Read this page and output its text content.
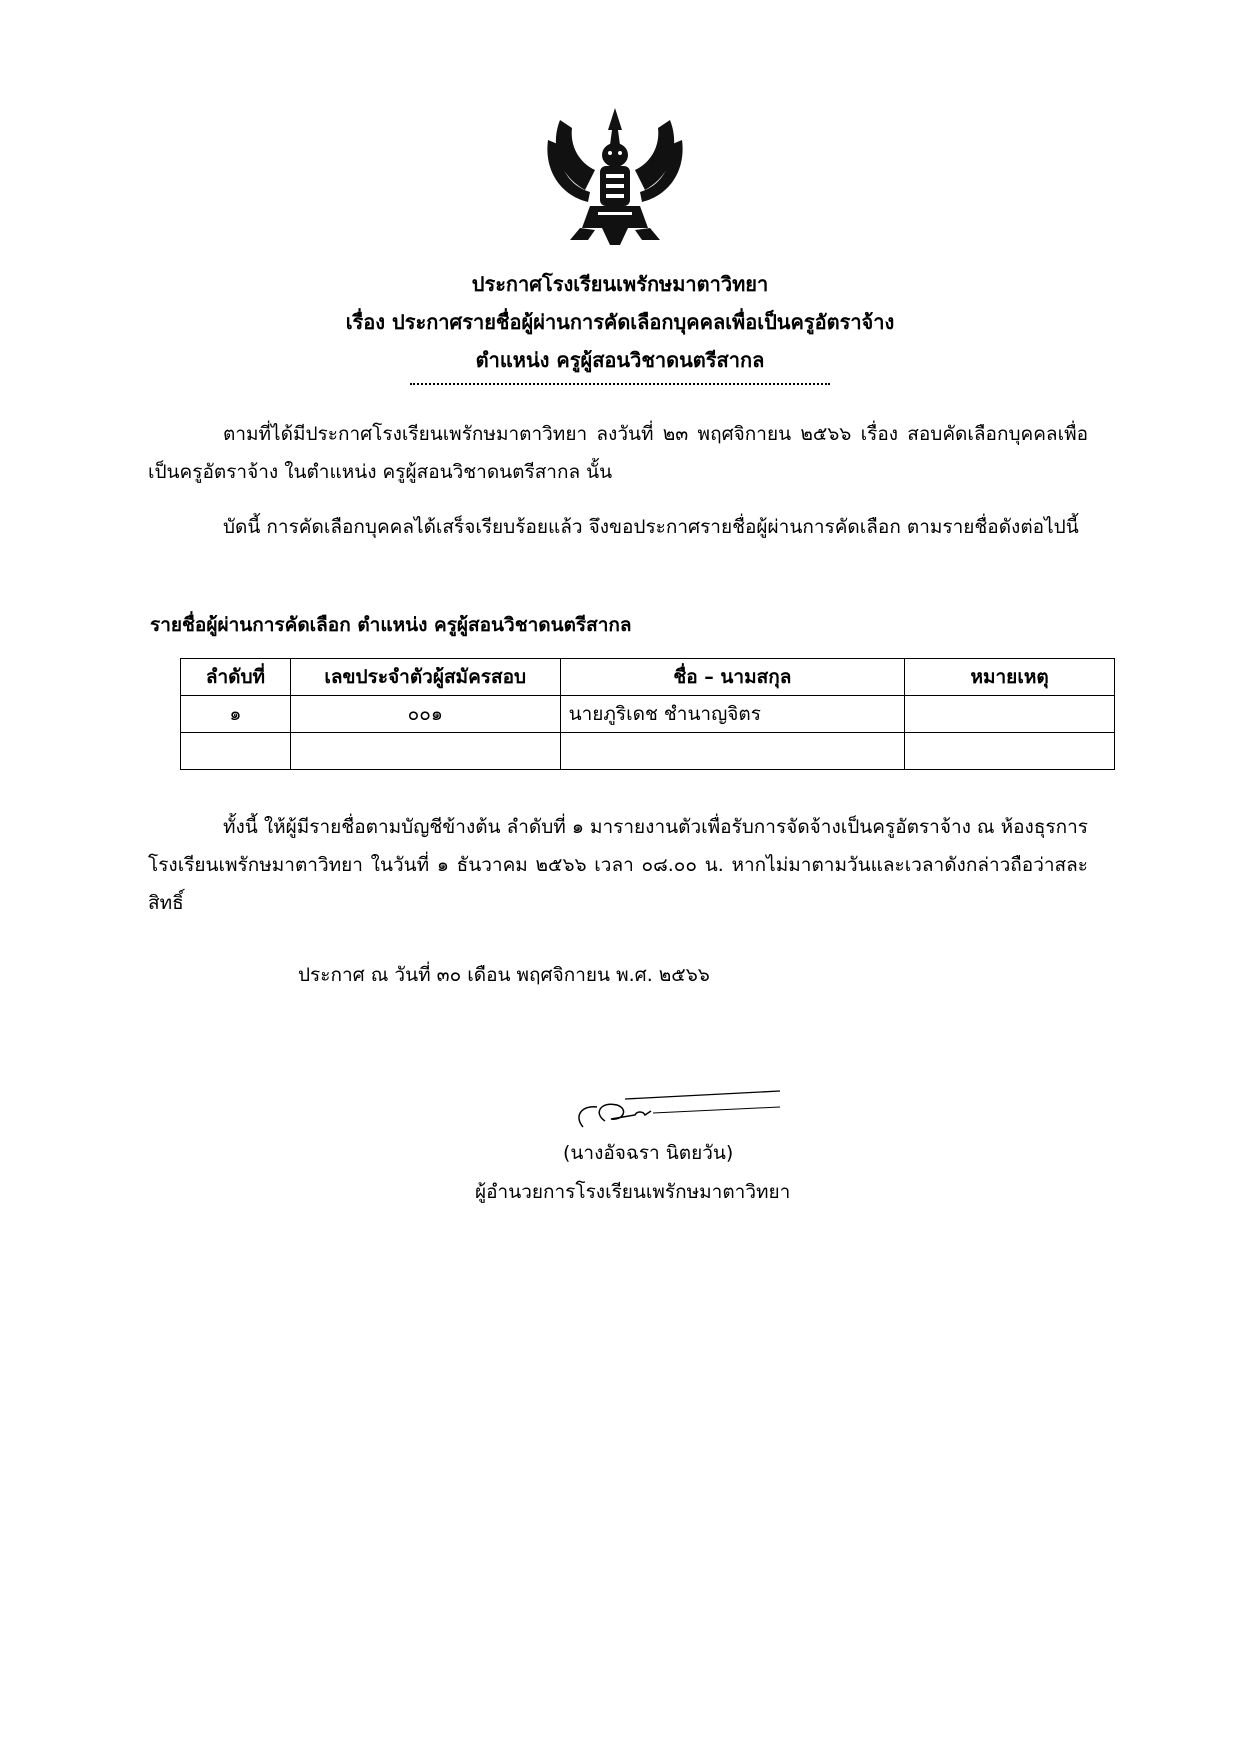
ประกาศโรงเรียนเพรักษมาตาวิทยา
เรื่อง ประกาศรายชื่อผู้ผ่านการคัดเลือกบุคคลเพื่อเป็นครูอัตราจ้าง
ตำแหน่ง ครูผู้สอนวิชาดนตรีสากล
ตามที่ได้มีประกาศโรงเรียนเพรักษมาตาวิทยา ลงวันที่ ๒๓ พฤศจิกายน ๒๕๖๖ เรื่อง สอบคัดเลือกบุคคลเพื่อเป็นครูอัตราจ้าง ในตำแหน่ง ครูผู้สอนวิชาดนตรีสากล นั้น
บัดนี้ การคัดเลือกบุคคลได้เสร็จเรียบร้อยแล้ว จึงขอประกาศรายชื่อผู้ผ่านการคัดเลือก ตามรายชื่อดังต่อไปนี้
รายชื่อผู้ผ่านการคัดเลือก ตำแหน่ง ครูผู้สอนวิชาดนตรีสากล
ลำดับที่	เลขประจำตัวผู้สมัครสอบ	ชื่อ – นามสกุล	หมายเหตุ
๑	๐๐๑	นายภูริเดช ชำนาญจิตร	

ทั้งนี้ ให้ผู้มีรายชื่อตามบัญชีข้างต้น ลำดับที่ ๑ มารายงานตัวเพื่อรับการจัดจ้างเป็นครูอัตราจ้าง ณ ห้องธุรการ โรงเรียนเพรักษมาตาวิทยา ในวันที่ ๑ ธันวาคม ๒๕๖๖ เวลา ๐๘.๐๐ น. หากไม่มาตามวันและเวลาดังกล่าวถือว่าสละสิทธิ์
ประกาศ ณ วันที่ ๓๐ เดือน พฤศจิกายน พ.ศ. ๒๕๖๖
(นางอัจฉรา นิตยวัน)
ผู้อำนวยการโรงเรียนเพรักษมาตาวิทยา
